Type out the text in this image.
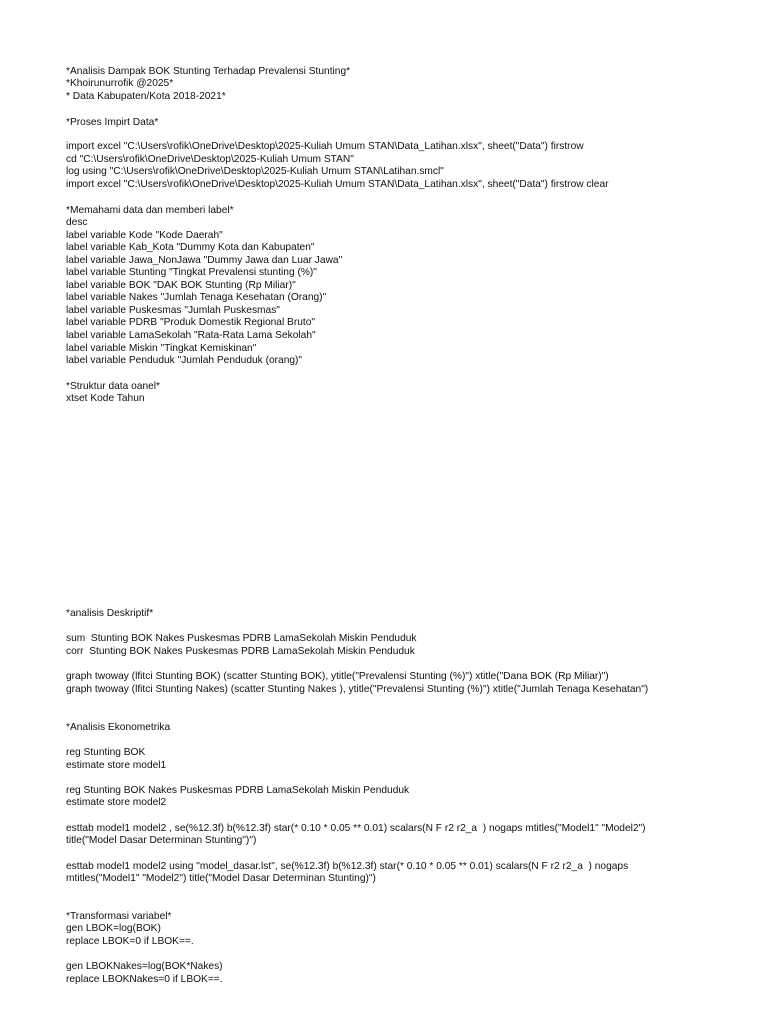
*Analisis Dampak BOK Stunting Terhadap Prevalensi Stunting*
*Khoirunurrofik @2025*
* Data Kabupaten/Kota 2018-2021*
*Proses Impirt Data*
import excel "C:\Users\rofik\OneDrive\Desktop\2025-Kuliah Umum STAN\Data_Latihan.xlsx", sheet("Data") firstrow
cd "C:\Users\rofik\OneDrive\Desktop\2025-Kuliah Umum STAN"
log using "C:\Users\rofik\OneDrive\Desktop\2025-Kuliah Umum STAN\Latihan.smcl"
import excel "C:\Users\rofik\OneDrive\Desktop\2025-Kuliah Umum STAN\Data_Latihan.xlsx", sheet("Data") firstrow clear
*Memahami data dan memberi label*
desc
label variable Kode "Kode Daerah"
label variable Kab_Kota "Dummy Kota dan Kabupaten"
label variable Jawa_NonJawa "Dummy Jawa dan Luar Jawa"
label variable Stunting "Tingkat Prevalensi stunting (%)"
label variable BOK "DAK BOK Stunting (Rp Miliar)"
label variable Nakes "Jumlah Tenaga Kesehatan (Orang)"
label variable Puskesmas "Jumlah Puskesmas"
label variable PDRB "Produk Domestik Regional Bruto"
label variable LamaSekolah "Rata-Rata Lama Sekolah"
label variable Miskin "Tingkat Kemiskinan"
label variable Penduduk "Jumlah Penduduk (orang)"
*Struktur data oanel*
xtset Kode Tahun
*analisis Deskriptif*
sum  Stunting BOK Nakes Puskesmas PDRB LamaSekolah Miskin Penduduk
corr  Stunting BOK Nakes Puskesmas PDRB LamaSekolah Miskin Penduduk
graph twoway (lfitci Stunting BOK) (scatter Stunting BOK), ytitle("Prevalensi Stunting (%)") xtitle("Dana BOK (Rp Miliar)")
graph twoway (lfitci Stunting Nakes) (scatter Stunting Nakes ), ytitle("Prevalensi Stunting (%)") xtitle("Jumlah Tenaga Kesehatan")
*Analisis Ekonometrika
reg Stunting BOK
estimate store model1
reg Stunting BOK Nakes Puskesmas PDRB LamaSekolah Miskin Penduduk
estimate store model2
esttab model1 model2 , se(%12.3f) b(%12.3f) star(* 0.10 * 0.05 ** 0.01) scalars(N F r2 r2_a  ) nogaps mtitles("Model1" "Model2")
title("Model Dasar Determinan Stunting")")
esttab model1 model2 using "model_dasar.lst", se(%12.3f) b(%12.3f) star(* 0.10 * 0.05 ** 0.01) scalars(N F r2 r2_a  ) nogaps
mtitles("Model1" "Model2") title("Model Dasar Determinan Stunting)")
*Transformasi variabel*
gen LBOK=log(BOK)
replace LBOK=0 if LBOK==.
gen LBOKNakes=log(BOK*Nakes)
replace LBOKNakes=0 if LBOK==.
